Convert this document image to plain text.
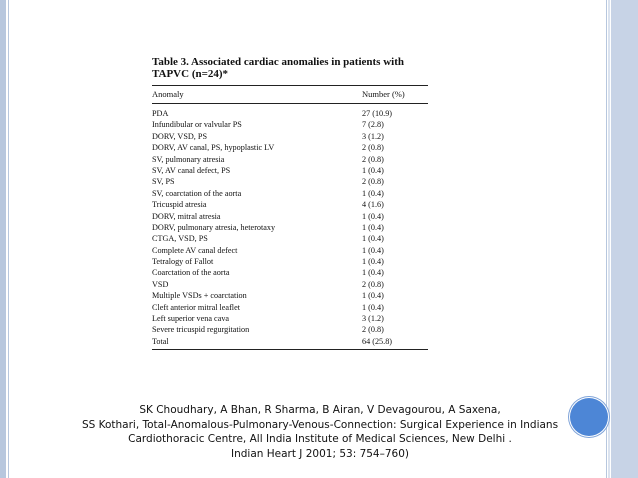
Table 3. Associated cardiac anomalies in patients with
TAPVC (n=24)*
Anomaly	Number (%)
PDA	27 (10.9)
Infundibular or valvular PS	7 (2.8)
DORV, VSD, PS	3 (1.2)
DORV, AV canal, PS, hypoplastic LV	2 (0.8)
SV, pulmonary atresia	2 (0.8)
SV, AV canal defect, PS	1 (0.4)
SV, PS	2 (0.8)
SV, coarctation of the aorta	1 (0.4)
Tricuspid atresia	4 (1.6)
DORV, mitral atresia	1 (0.4)
DORV, pulmonary atresia, heterotaxy	1 (0.4)
CTGA, VSD, PS	1 (0.4)
Complete AV canal defect	1 (0.4)
Tetralogy of Fallot	1 (0.4)
Coarctation of the aorta	1 (0.4)
VSD	2 (0.8)
Multiple VSDs + coarctation	1 (0.4)
Cleft anterior mitral leaflet	1 (0.4)
Left superior vena cava	3 (1.2)
Severe tricuspid regurgitation	2 (0.8)
Total	64 (25.8)
SK Choudhary, A Bhan, R Sharma, B Airan, V Devagourou, A Saxena,
SS Kothari, Total-Anomalous-Pulmonary-Venous-Connection: Surgical Experience in Indians
Cardiothoracic Centre, All India Institute of Medical Sciences, New Delhi .
Indian Heart J 2001; 53: 754–760)
